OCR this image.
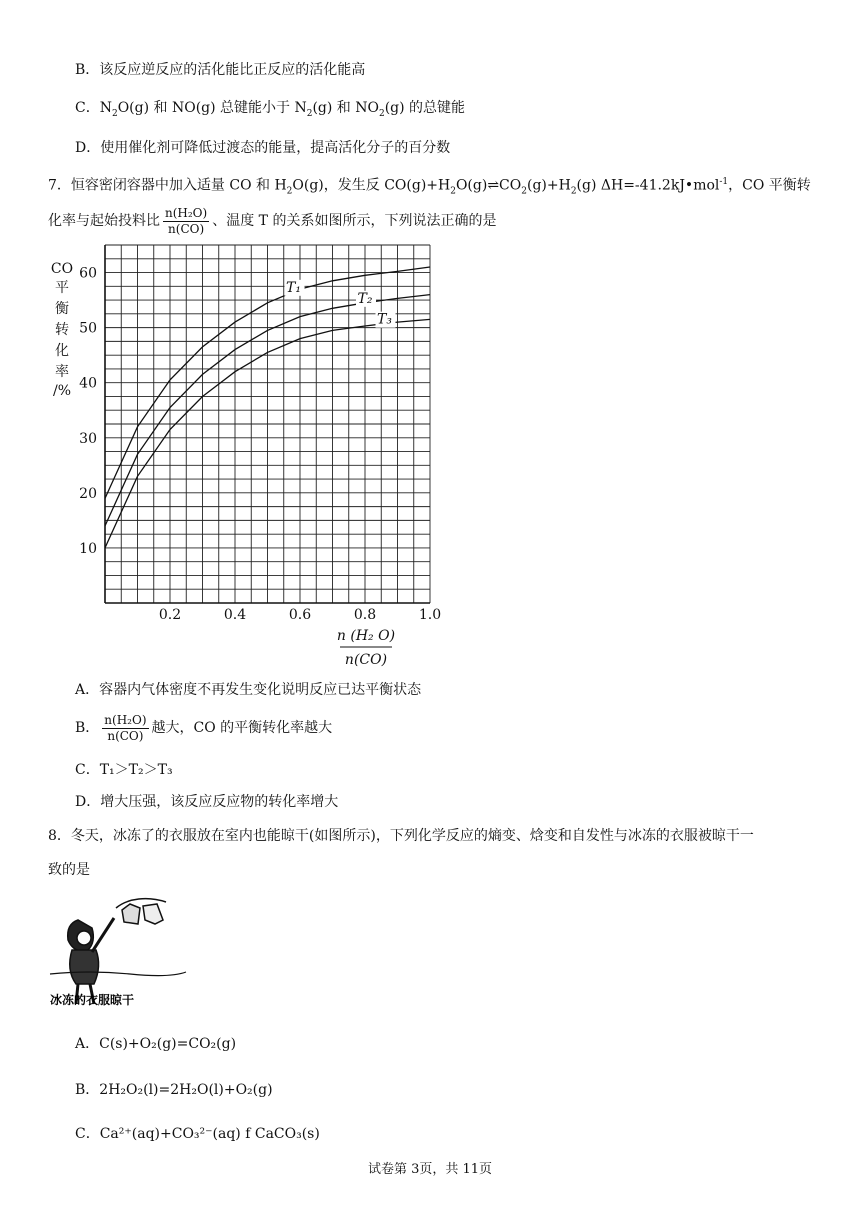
B．该反应逆反应的活化能比正反应的活化能高
C．$N_2O(g)$ 和 NO(g) 总键能小于 $N_2(g)$ 和 $NO_2(g)$ 的总键能
D．使用催化剂可降低过渡态的能量，提高活化分子的百分数
7．恒容密闭容器中加入适量 CO 和 $H_2O(g)$，发生反 $CO(g)+H_2O(g)\rightleftharpoons CO_2(g)+H_2(g)$ ΔH=-41.2kJ•mol$^{-1}$，CO 平衡转
化率与起始投料比 $\frac{\text{n(H₂O)}}{n(CO)}$ 、温度 T 的关系如图所示，下列说法正确的是
CO
平
衡
转
化
率
/%
10
20
30
40
50
60
0.2	0.4	0.6	0.8	1.0
T₁
T₂
T₃
n (H₂ O)
n(CO)
A．容器内气体密度不再发生变化说明反应已达平衡状态
B． $\frac{\text{n(H₂O)}}{n(CO)}$ 越大，CO 的平衡转化率越大
C．T₁＞T₂＞T₃
D．增大压强，该反应反应物的转化率增大
8．冬天，冰冻了的衣服放在室内也能晾干(如图所示)，下列化学反应的熵变、焓变和自发性与冰冻的衣服被晾干一
致的是
冰冻的衣服晾干
A．C(s)+O₂(g)=CO₂(g)
B．2H₂O₂(l)=2H₂O(l)+O₂(g)
C．Ca²⁺(aq)+CO₃²⁻(aq) f CaCO₃(s)
试卷第 3页，共 11页
